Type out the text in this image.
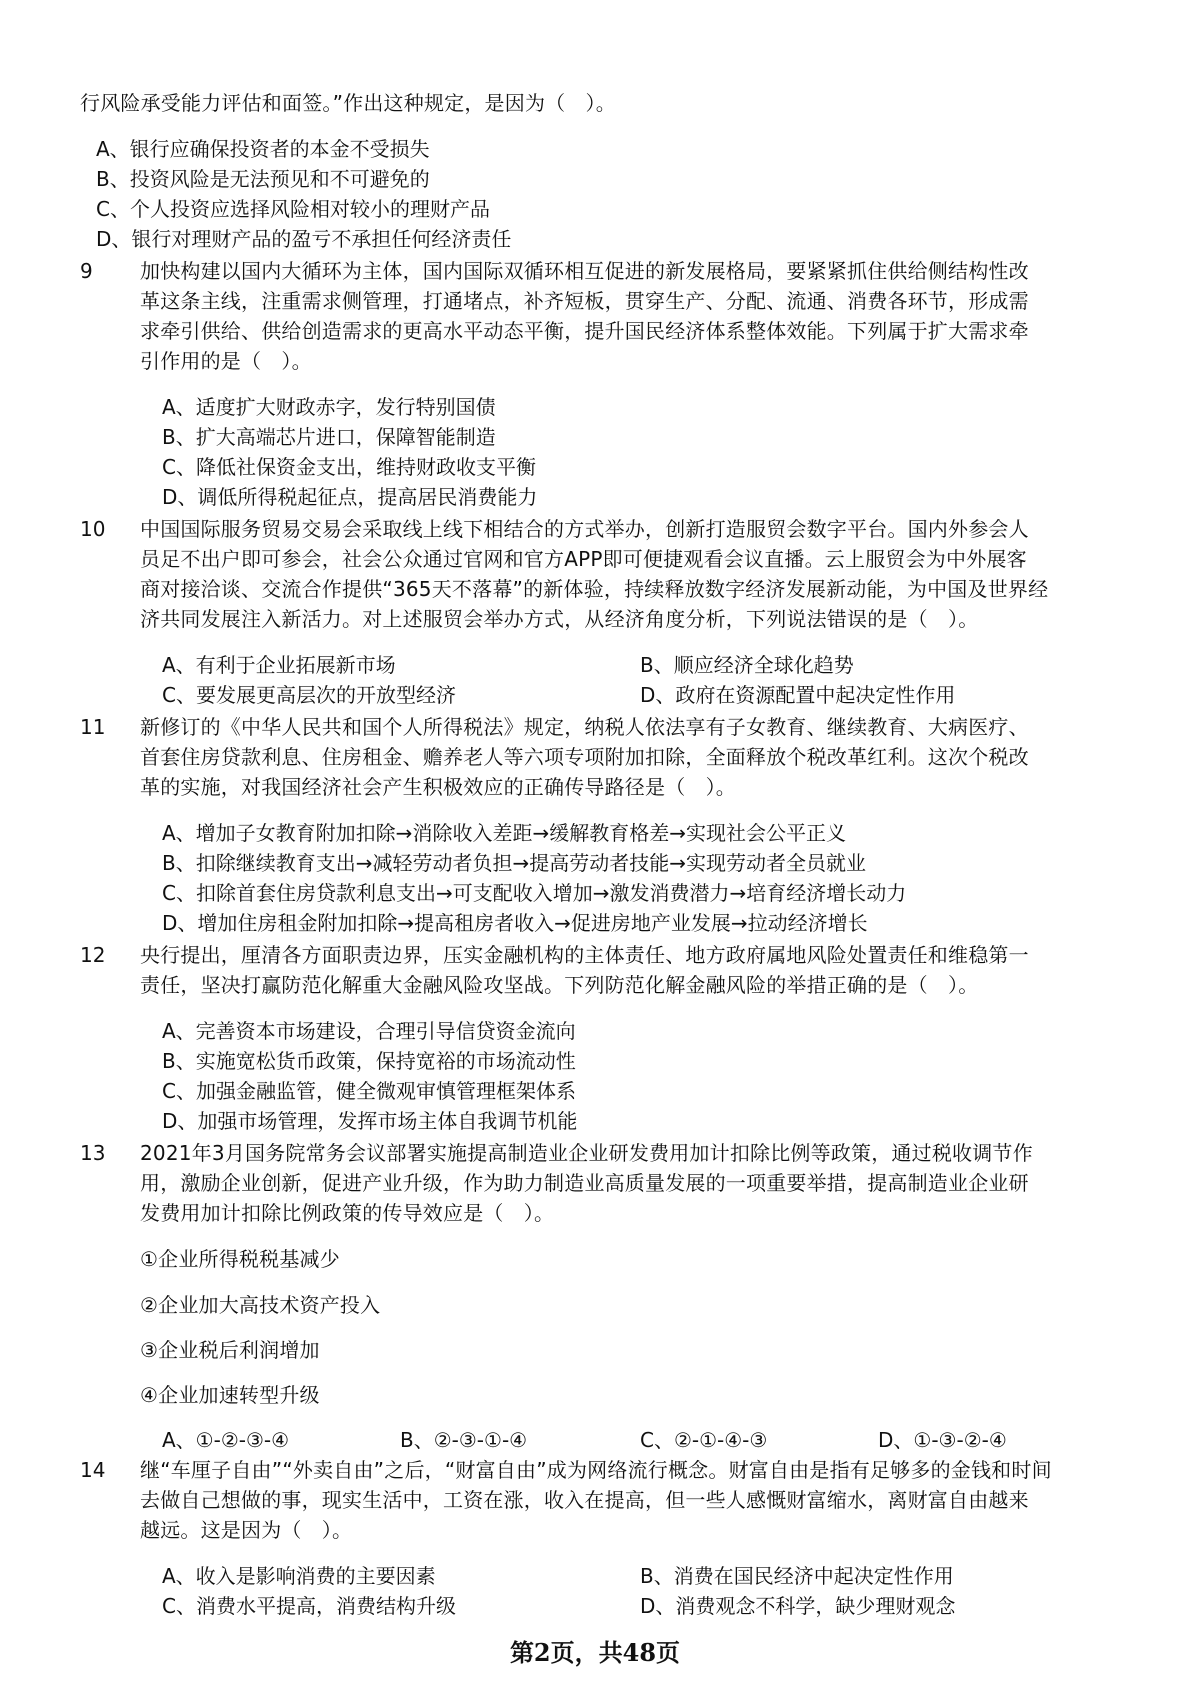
行风险承受能力评估和面签。”作出这种规定，是因为（　）。
A、银行应确保投资者的本金不受损失
B、投资风险是无法预见和不可避免的
C、个人投资应选择风险相对较小的理财产品
D、银行对理财产品的盈亏不承担任何经济责任
9 加快构建以国内大循环为主体，国内国际双循环相互促进的新发展格局，要紧紧抓住供给侧结构性改
革这条主线，注重需求侧管理，打通堵点，补齐短板，贯穿生产、分配、流通、消费各环节，形成需
求牵引供给、供给创造需求的更高水平动态平衡，提升国民经济体系整体效能。下列属于扩大需求牵
引作用的是（　）。
A、适度扩大财政赤字，发行特别国债
B、扩大高端芯片进口，保障智能制造
C、降低社保资金支出，维持财政收支平衡
D、调低所得税起征点，提高居民消费能力
10 中国国际服务贸易交易会采取线上线下相结合的方式举办，创新打造服贸会数字平台。国内外参会人
员足不出户即可参会，社会公众通过官网和官方APP即可便捷观看会议直播。云上服贸会为中外展客
商对接洽谈、交流合作提供“365天不落幕”的新体验，持续释放数字经济发展新动能，为中国及世界经
济共同发展注入新活力。对上述服贸会举办方式，从经济角度分析，下列说法错误的是（　）。
A、有利于企业拓展新市场	B、顺应经济全球化趋势
C、要发展更高层次的开放型经济	D、政府在资源配置中起决定性作用
11 新修订的《中华人民共和国个人所得税法》规定，纳税人依法享有子女教育、继续教育、大病医疗、
首套住房贷款利息、住房租金、赡养老人等六项专项附加扣除，全面释放个税改革红利。这次个税改
革的实施，对我国经济社会产生积极效应的正确传导路径是（　）。
A、增加子女教育附加扣除→消除收入差距→缓解教育格差→实现社会公平正义
B、扣除继续教育支出→减轻劳动者负担→提高劳动者技能→实现劳动者全员就业
C、扣除首套住房贷款利息支出→可支配收入增加→激发消费潜力→培育经济增长动力
D、增加住房租金附加扣除→提高租房者收入→促进房地产业发展→拉动经济增长
12 央行提出，厘清各方面职责边界，压实金融机构的主体责任、地方政府属地风险处置责任和维稳第一
责任，坚决打赢防范化解重大金融风险攻坚战。下列防范化解金融风险的举措正确的是（　）。
A、完善资本市场建设，合理引导信贷资金流向
B、实施宽松货币政策，保持宽裕的市场流动性
C、加强金融监管，健全微观审慎管理框架体系
D、加强市场管理，发挥市场主体自我调节机能
13 2021年3月国务院常务会议部署实施提高制造业企业研发费用加计扣除比例等政策，通过税收调节作
用，激励企业创新，促进产业升级，作为助力制造业高质量发展的一项重要举措，提高制造业企业研
发费用加计扣除比例政策的传导效应是（　）。
①企业所得税税基减少
②企业加大高技术资产投入
③企业税后利润增加
④企业加速转型升级
A、①-②-③-④	B、②-③-①-④	C、②-①-④-③	D、①-③-②-④
14 继“车厘子自由”“外卖自由”之后，“财富自由”成为网络流行概念。财富自由是指有足够多的金钱和时间
去做自己想做的事，现实生活中，工资在涨，收入在提高，但一些人感慨财富缩水，离财富自由越来
越远。这是因为（　）。
A、收入是影响消费的主要因素	B、消费在国民经济中起决定性作用
C、消费水平提高，消费结构升级	D、消费观念不科学，缺少理财观念
第2页，共48页
